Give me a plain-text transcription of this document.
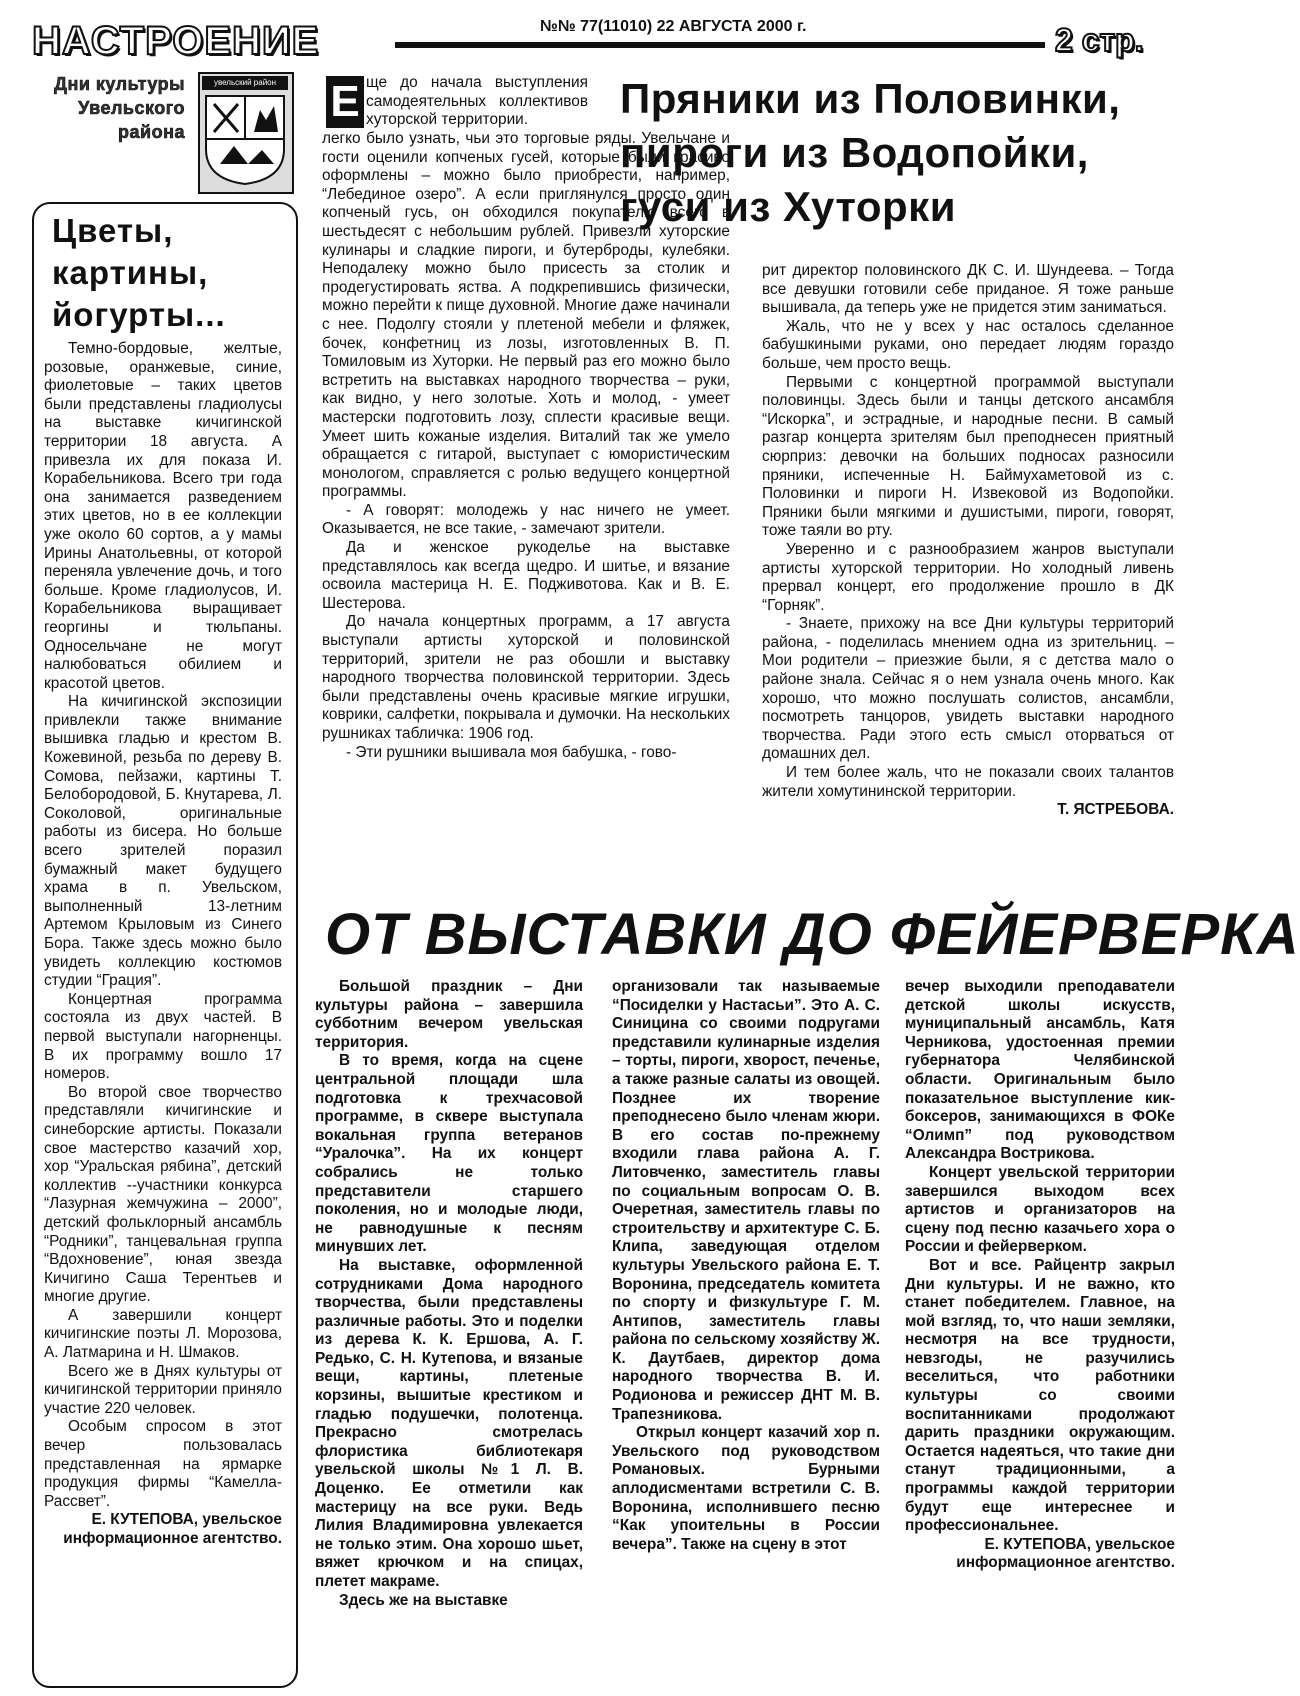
НАСТРОЕНИЕ	№№ 77(11010) 22 АВГУСТА 2000 г.	2 стр.
Дни культуры Увельского района
увельский район
Цветы, картины, йогурты...

Темно-бордовые, желтые, розовые, оранжевые, синие, фиолетовые – таких цветов были представлены гладиолусы на выставке кичигинской территории 18 августа. А привезла их для показа И. Корабельникова. Всего три года она занимается разведением этих цветов, но в ее коллекции уже около 60 сортов, а у мамы Ирины Анатольевны, от которой переняла увлечение дочь, и того больше. Кроме гладиолусов, И. Корабельникова выращивает георгины и тюльпаны. Односельчане не могут налюбоваться обилием и красотой цветов.

На кичигинской экспозиции привлекли также внимание вышивка гладью и крестом В. Кожевиной, резьба по дереву В. Сомова, пейзажи, картины Т. Белобородовой, Б. Кнутарева, Л. Соколовой, оригинальные работы из бисера. Но больше всего зрителей поразил бумажный макет будущего храма в п. Увельском, выполненный 13-летним Артемом Крыловым из Синего Бора. Также здесь можно было увидеть коллекцию костюмов студии “Грация”.

Концертная программа состояла из двух частей. В первой выступали нагорненцы. В их программу вошло 17 номеров.

Во второй свое творчество представляли кичигинские и синеборские артисты. Показали свое мастерство казачий хор, хор “Уральская рябина”, детский коллектив --участники конкурса “Лазурная жемчужина – 2000”, детский фольклорный ансамбль “Родники”, танцевальная группа “Вдохновение”, юная звезда Кичигино Саша Терентьев и многие другие.

А завершили концерт кичигинские поэты Л. Морозова, А. Латмарина и Н. Шмаков.

Всего же в Днях культуры от кичигинской территории приняло участие 220 человек.

Особым спросом в этот вечер пользовалась представленная на ярмарке продукция фирмы “Камелла-Рассвет”.

Е. КУТЕПОВА, увельское информационное агентство.
Пряники из Половинки, пироги из Водопойки, гуси из Хуторки
Е ще до начала выступления самодеятельных коллективов хуторской территории.

легко было узнать, чьи это торговые ряды. Увельчане и гости оценили копченых гусей, которые были красиво оформлены – можно было приобрести, например, “Лебединое озеро”. А если приглянулся просто один копченый гусь, он обходился покупателю всего в шестьдесят с небольшим рублей. Привезли хуторские кулинары и сладкие пироги, и бутерброды, кулебяки. Неподалеку можно было присесть за столик и продегустировать яства. А подкрепившись физически, можно перейти к пище духовной. Многие даже начинали с нее. Подолгу стояли у плетеной мебели и фляжек, бочек, конфетниц из лозы, изготовленных В. П. Томиловым из Хуторки. Не первый раз его можно было встретить на выставках народного творчества – руки, как видно, у него золотые. Хоть и молод, - умеет мастерски подготовить лозу, сплести красивые вещи. Умеет шить кожаные изделия. Виталий так же умело обращается с гитарой, выступает с юмористическим монологом, справляется с ролью ведущего концертной программы.

- А говорят: молодежь у нас ничего не умеет. Оказывается, не все такие, - замечают зрители.

Да и женское рукоделье на выставке представлялось как всегда щедро. И шитье, и вязание освоила мастерица Н. Е. Подживотова. Как и В. Е. Шестерова.

До начала концертных программ, а 17 августа выступали артисты хуторской и половинской территорий, зрители не раз обошли и выставку народного творчества половинской территории. Здесь были представлены очень красивые мягкие игрушки, коврики, салфетки, покрывала и думочки. На нескольких рушниках табличка: 1906 год.

- Эти рушники вышивала моя бабушка, - гово-

рит директор половинского ДК С. И. Шундеева. – Тогда все девушки готовили себе приданое. Я тоже раньше вышивала, да теперь уже не придется этим заниматься.

Жаль, что не у всех у нас осталось сделанное бабушкиными руками, оно передает людям гораздо больше, чем просто вещь.

Первыми с концертной программой выступали половинцы. Здесь были и танцы детского ансамбля “Искорка”, и эстрадные, и народные песни. В самый разгар концерта зрителям был преподнесен приятный сюрприз: девочки на больших подносах разносили пряники, испеченные Н. Баймухаметовой из с. Половинки и пироги Н. Извековой из Водопойки. Пряники были мягкими и душистыми, пироги, говорят, тоже таяли во рту.

Уверенно и с разнообразием жанров выступали артисты хуторской территории. Но холодный ливень прервал концерт, его продолжение прошло в ДК “Горняк”.

- Знаете, прихожу на все Дни культуры территорий района, - поделилась мнением одна из зрительниц. – Мои родители – приезжие были, я с детства мало о районе знала. Сейчас я о нем узнала очень много. Как хорошо, что можно послушать солистов, ансамбли, посмотреть танцоров, увидеть выставки народного творчества. Ради этого есть смысл оторваться от домашних дел.

И тем более жаль, что не показали своих талантов жители хомутининской территории.

Т. ЯСТРЕБОВА.
ОТ ВЫСТАВКИ ДО ФЕЙЕРВЕРКА

Большой праздник – Дни культуры района – завершила субботним вечером увельская территория.

В то время, когда на сцене центральной площади шла подготовка к трехчасовой программе, в сквере выступала вокальная группа ветеранов “Уралочка”. На их концерт собрались не только представители старшего поколения, но и молодые люди, не равнодушные к песням минувших лет.

На выставке, оформленной сотрудниками Дома народного творчества, были представлены различные работы. Это и поделки из дерева К. К. Ершова, А. Г. Редько, С. Н. Кутепова, и вязаные вещи, картины, плетеные корзины, вышитые крестиком и гладью подушечки, полотенца. Прекрасно смотрелась флористика библиотекаря увельской школы №1 Л. В. Доценко. Ее отметили как мастерицу на все руки. Ведь Лилия Владимировна увлекается не только этим. Она хорошо шьет, вяжет крючком и на спицах, плетет макраме.

Здесь же на выставке

организовали так называемые “Посиделки у Настасьи”. Это А. С. Синицина со своими подругами представили кулинарные изделия – торты, пироги, хворост, печенье, а также разные салаты из овощей. Позднее их творение преподнесено было членам жюри. В его состав по-прежнему входили глава района А. Г. Литовченко, заместитель главы по социальным вопросам О. В. Очеретная, заместитель главы по строительству и архитектуре С. Б. Клипа, заведующая отделом культуры Увельского района Е. Т. Воронина, председатель комитета по спорту и физкультуре Г. М. Антипов, заместитель главы района по сельскому хозяйству Ж. К. Даутбаев, директор дома народного творчества В. И. Родионова и режиссер ДНТ М. В. Трапезникова.

Открыл концерт казачий хор п. Увельского под руководством Романовых. Бурными аплодисментами встретили С. В. Воронина, исполнившего песню “Как упоительны в России вечера”. Также на сцену в этот

вечер выходили преподаватели детской школы искусств, муниципальный ансамбль, Катя Черникова, удостоенная премии губернатора Челябинской области. Оригинальным было показательное выступление кик-боксеров, занимающихся в ФОКе “Олимп” под руководством Александра Вострикова.

Концерт увельской территории завершился выходом всех артистов и организаторов на сцену под песню казачьего хора о России и фейерверком.

Вот и все. Райцентр закрыл Дни культуры. И не важно, кто станет победителем. Главное, на мой взгляд, то, что наши земляки, несмотря на все трудности, невзгоды, не разучились веселиться, что работники культуры со своими воспитанниками продолжают дарить праздники окружающим. Остается надеяться, что такие дни станут традиционными, а программы каждой территории будут еще интереснее и профессиональнее.

Е. КУТЕПОВА, увельское информационное агентство.
